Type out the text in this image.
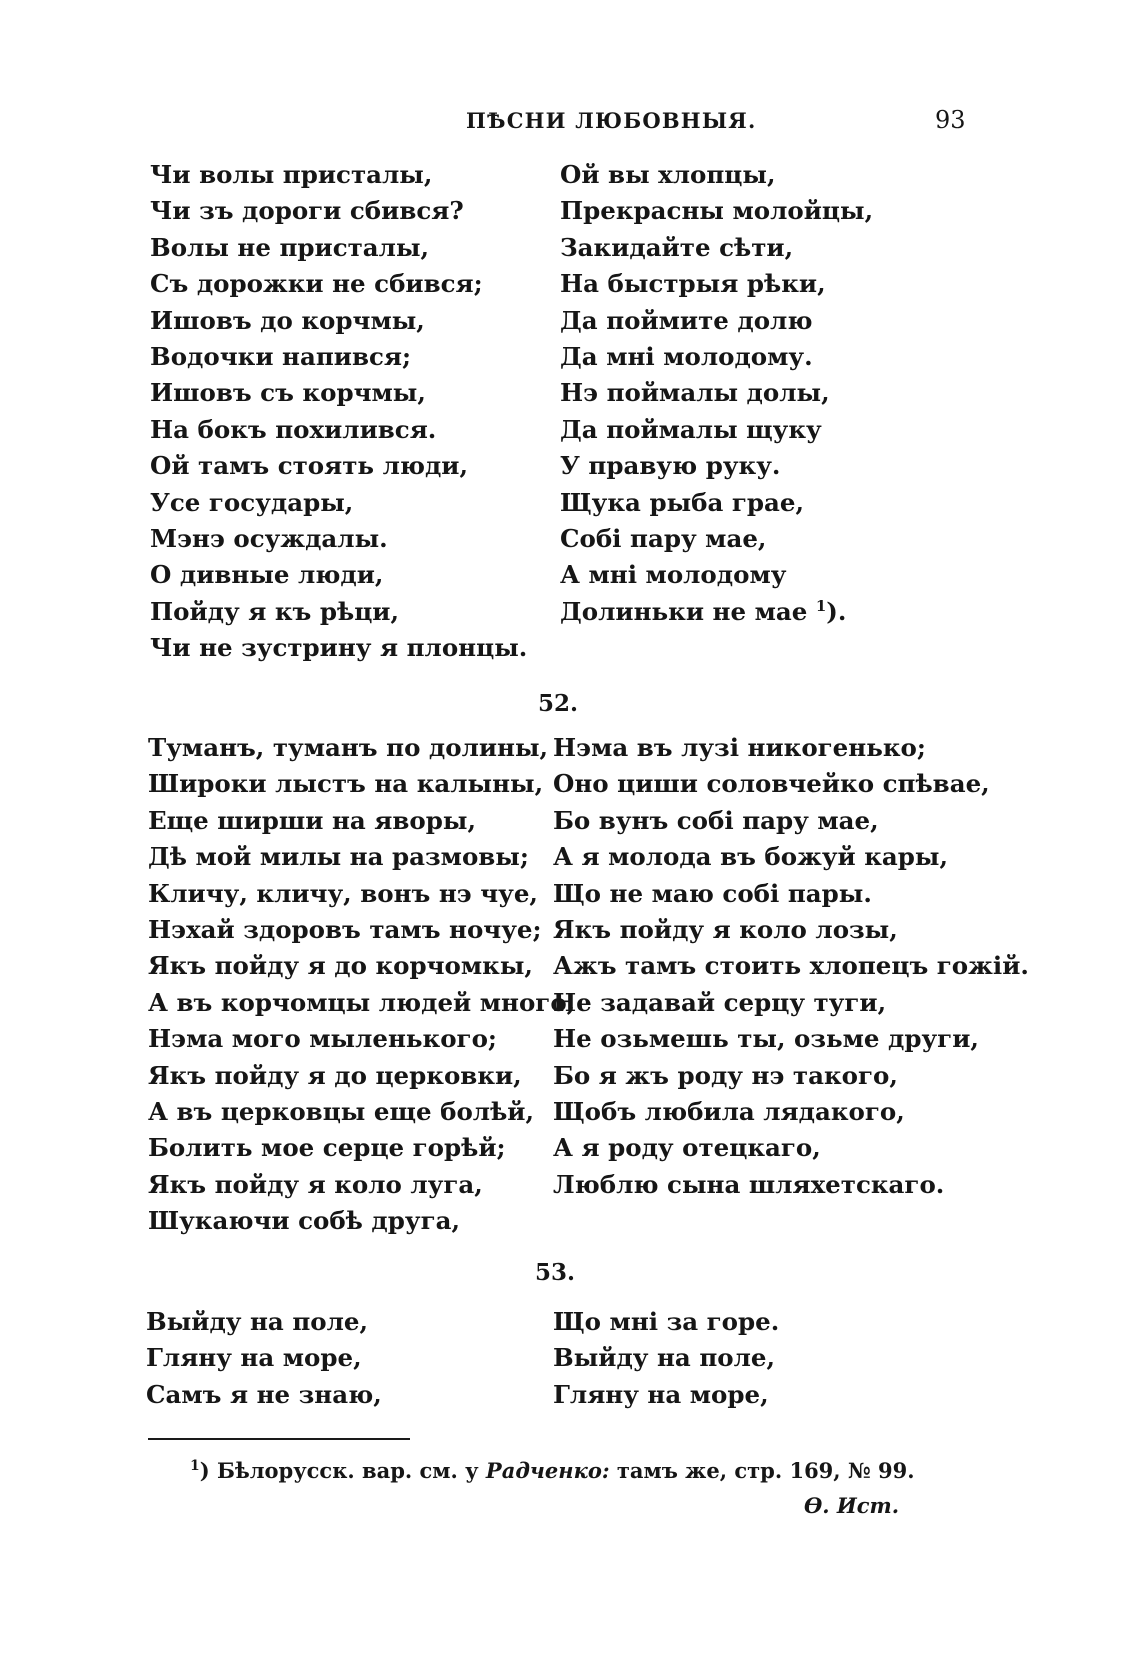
ПѢСНИ ЛЮБОВНЫЯ.	93
Чи волы присталы,
Чи зъ дороги сбився?
Волы не присталы,
Съ дорожки не сбився;
Ишовъ до корчмы,
Водочки напився;
Ишовъ съ корчмы,
На бокъ похилився.
Ой тамъ стоять люди,
Усе государы,
Мэнэ осуждалы.
О дивные люди,
Пойду я къ рѣци,
Чи не зустрину я плонцы.
Ой вы хлопцы,
Прекрасны молойцы,
Закидайте сѣти,
На быстрыя рѣки,
Да поймите долю
Да мні молодому.
Нэ поймалы долы,
Да поймалы щуку
У правую руку.
Щука рыба грае,
Собі пару мае,
А мні молодому
Долиньки не мае $^1$).
52.
Туманъ, туманъ по долины,
Широки лыстъ на калыны,
Еще ширши на яворы,
Дѣ мой милы на размовы;
Кличу, кличу, вонъ нэ чуе,
Нэхай здоровъ тамъ ночуе;
Якъ пойду я до корчомкы,
А въ корчомцы людей много,
Нэма мого мыленького;
Якъ пойду я до церковки,
А въ церковцы еще болѣй,
Болить мое серце горѣй;
Якъ пойду я коло луга,
Шукаючи собѣ друга,
Нэма въ лузі никогенько;
Оно циши соловчейко спѣвае,
Бо вунъ собі пару мае,
А я молода въ божуй кары,
Що не маю собі пары.
Якъ пойду я коло лозы,
Ажъ тамъ стоить хлопецъ гожій.
Не задавай серцу туги,
Не озьмешь ты, озьме други,
Бо я жъ роду нэ такого,
Щобъ любила лядакого,
А я роду отецкаго,
Люблю сына шляхетскаго.
53.
Выйду на поле,
Гляну на море,
Самъ я не знаю,
Що мні за горе.
Выйду на поле,
Гляну на море,
$^1$) Бѣлорусск. вар. см. у Радченко: тамъ же, стр. 169, № 99.
Ѳ. Ист.
